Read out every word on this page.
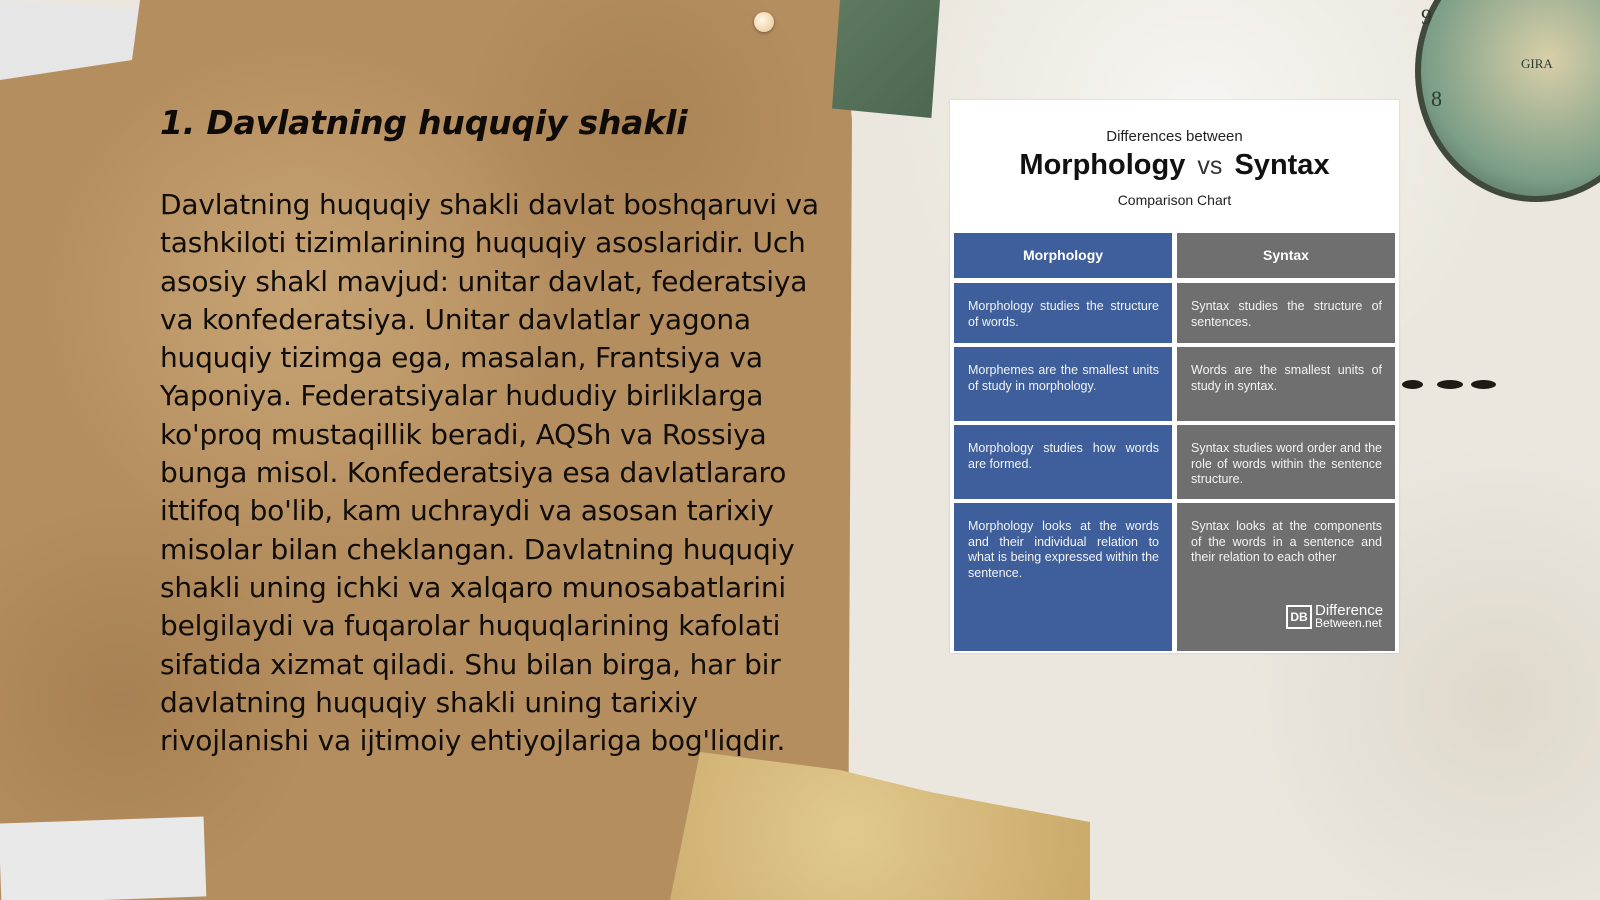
9
8
GIRA
1. Davlatning huquqiy shakli

Davlatning huquqiy shakli davlat boshqaruvi va tashkiloti tizimlarining huquqiy asoslaridir. Uch asosiy shakl mavjud: unitar davlat, federatsiya va konfederatsiya. Unitar davlatlar yagona huquqiy tizimga ega, masalan, Frantsiya va Yaponiya. Federatsiyalar hududiy birliklarga ko'proq mustaqillik beradi, AQSh va Rossiya bunga misol. Konfederatsiya esa davlatlararo ittifoq bo'lib, kam uchraydi va asosan tarixiy misolar bilan cheklangan. Davlatning huquqiy shakli uning ichki va xalqaro munosabatlarini belgilaydi va fuqarolar huquqlarining kafolati sifatida xizmat qiladi. Shu bilan birga, har bir davlatning huquqiy shakli uning tarixiy rivojlanishi va ijtimoiy ehtiyojlariga bog'liqdir.

Differences between
Morphology vs Syntax
Comparison Chart
Morphology	Syntax
Morphology studies the structure of words.
Syntax studies the structure of sentences.
Morphemes are the smallest units of study in morphology.
Words are the smallest units of study in syntax.
Morphology studies how words are formed.
Syntax studies word order and the role of words within the sentence structure.
Morphology looks at the words and their individual relation to what is being expressed within the sentence.
Syntax looks at the components of the words in a sentence and their relation to each other
DB Difference
Between.net
